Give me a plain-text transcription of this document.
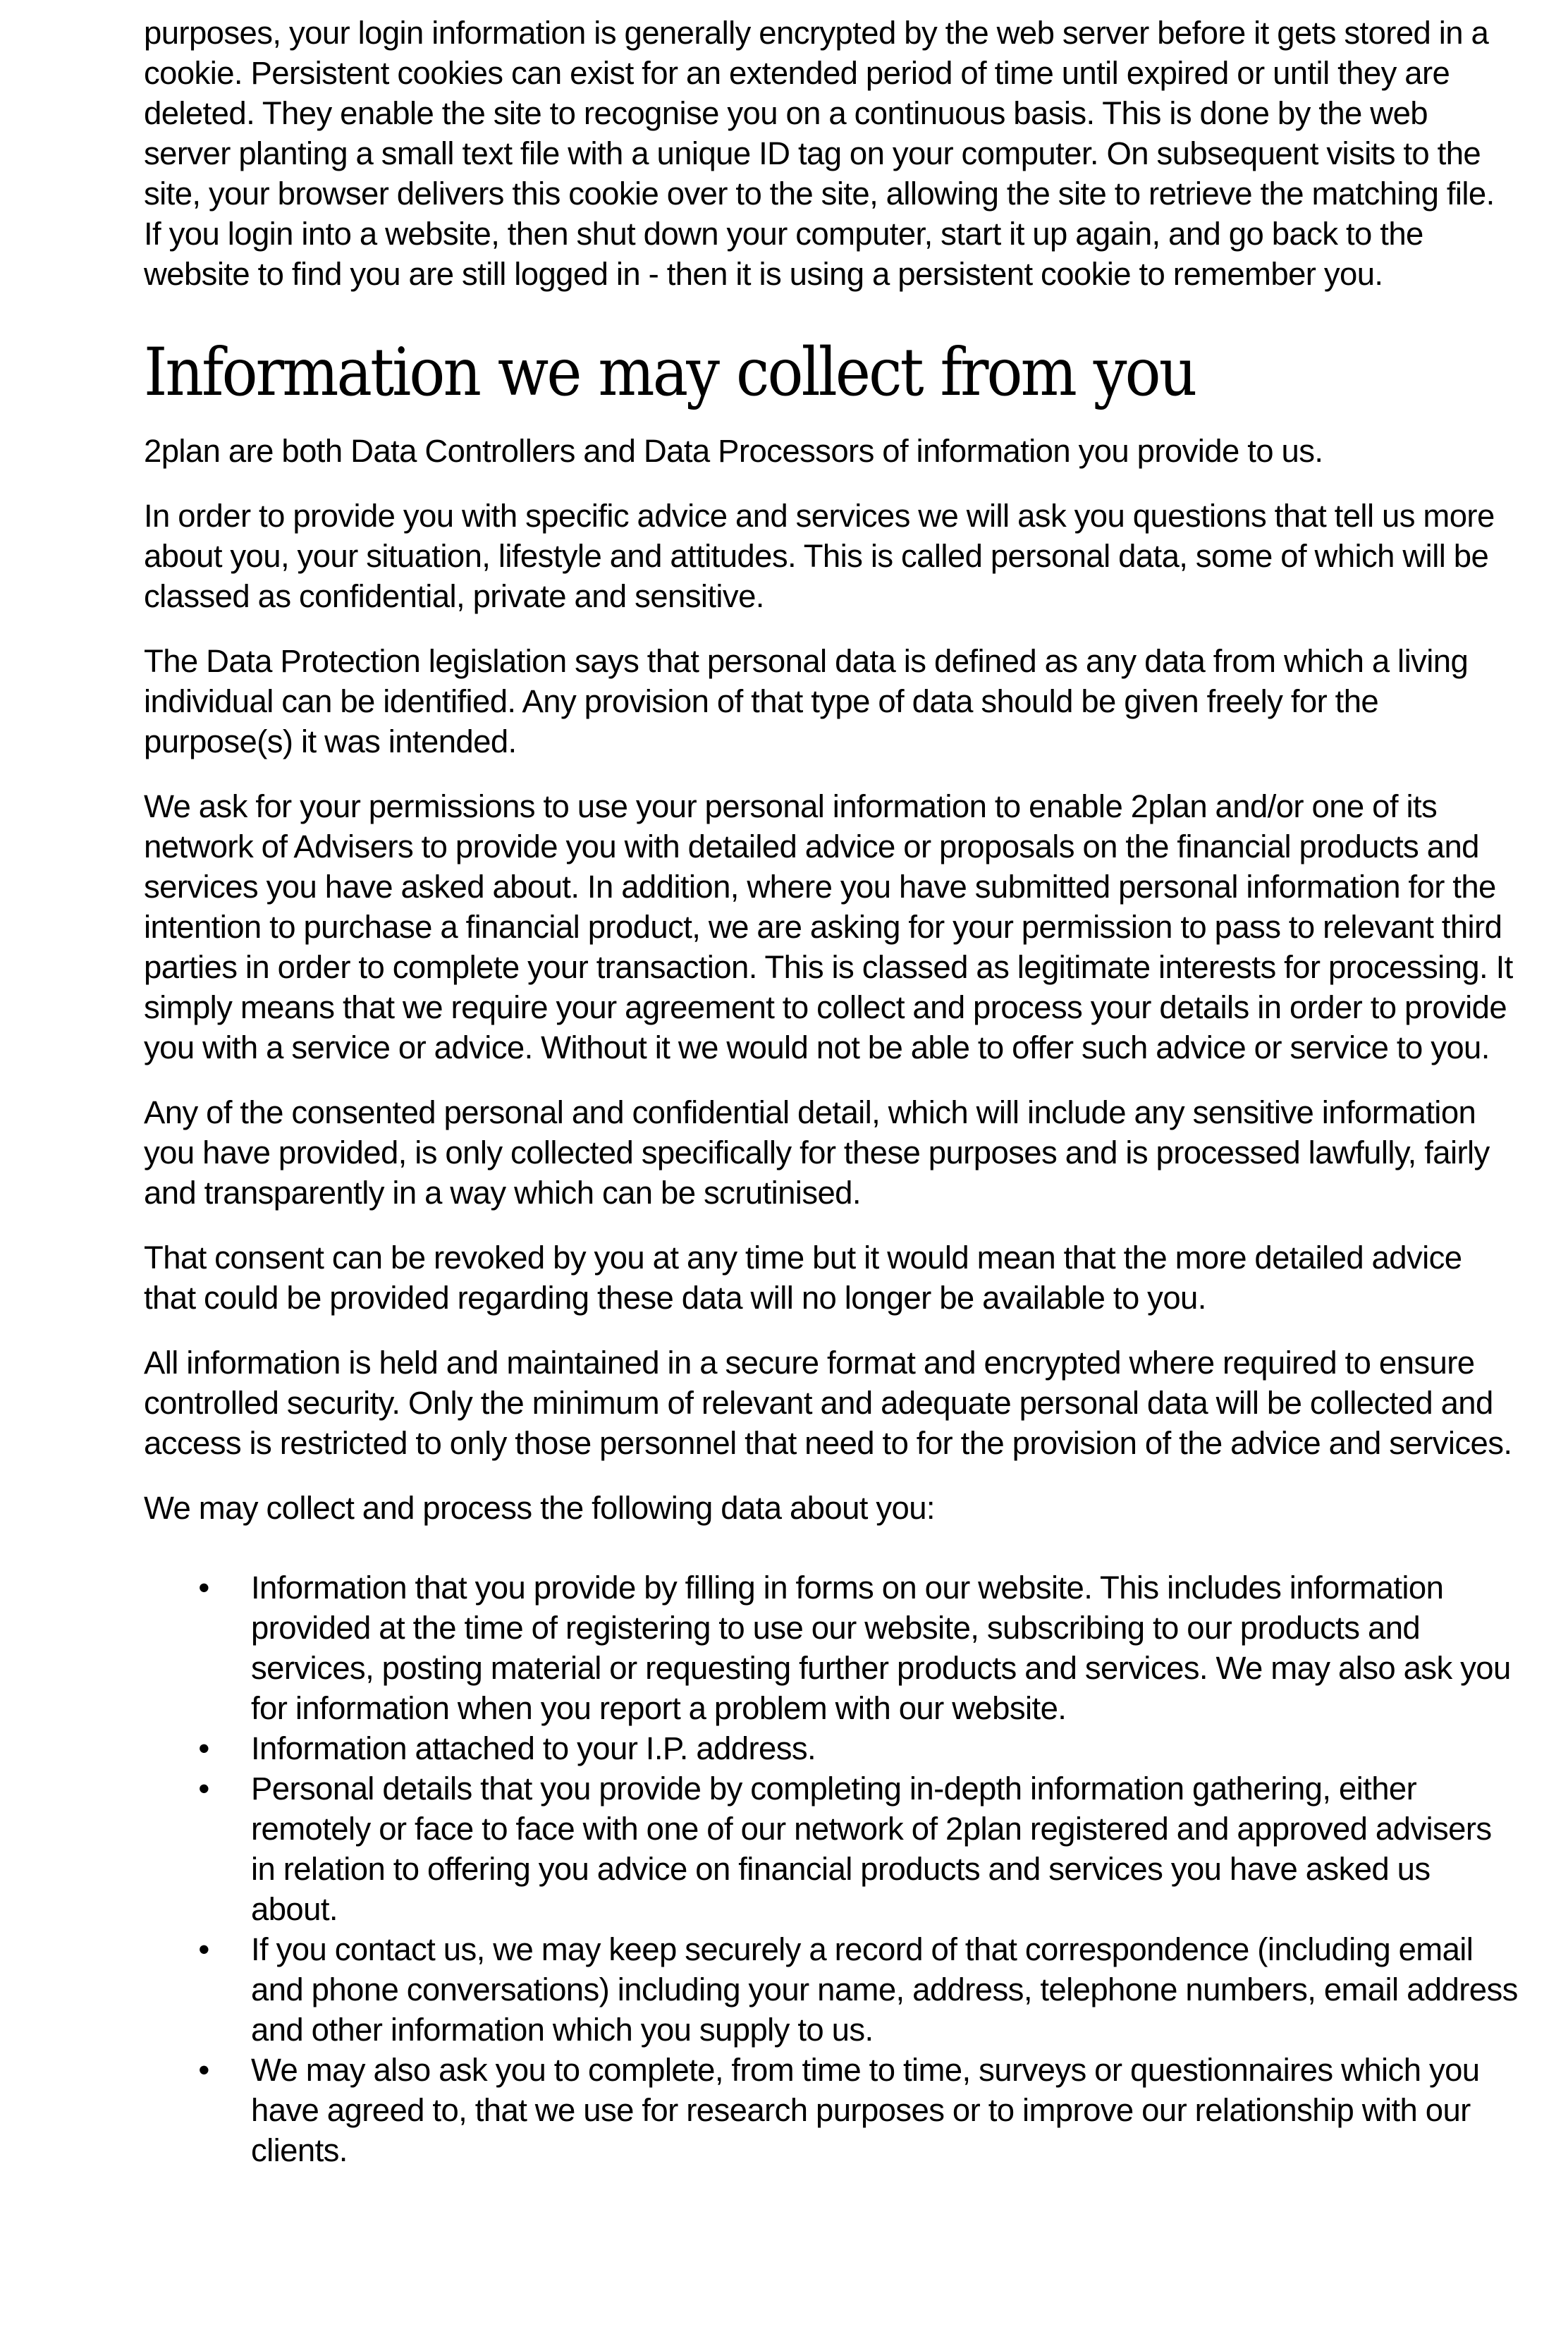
purposes, your login information is generally encrypted by the web server before it gets stored in a cookie. Persistent cookies can exist for an extended period of time until expired or until they are deleted. They enable the site to recognise you on a continuous basis. This is done by the web server planting a small text file with a unique ID tag on your computer. On subsequent visits to the site, your browser delivers this cookie over to the site, allowing the site to retrieve the matching file. If you login into a website, then shut down your computer, start it up again, and go back to the website to find you are still logged in - then it is using a persistent cookie to remember you.

Information we may collect from you

2plan are both Data Controllers and Data Processors of information you provide to us.

In order to provide you with specific advice and services we will ask you questions that tell us more about you, your situation, lifestyle and attitudes. This is called personal data, some of which will be classed as confidential, private and sensitive.

The Data Protection legislation says that personal data is defined as any data from which a living individual can be identified. Any provision of that type of data should be given freely for the purpose(s) it was intended.

We ask for your permissions to use your personal information to enable 2plan and/or one of its network of Advisers to provide you with detailed advice or proposals on the financial products and services you have asked about. In addition, where you have submitted personal information for the intention to purchase a financial product, we are asking for your permission to pass to relevant third parties in order to complete your transaction. This is classed as legitimate interests for processing. It simply means that we require your agreement to collect and process your details in order to provide you with a service or advice. Without it we would not be able to offer such advice or service to you.

Any of the consented personal and confidential detail, which will include any sensitive information you have provided, is only collected specifically for these purposes and is processed lawfully, fairly and transparently in a way which can be scrutinised.

That consent can be revoked by you at any time but it would mean that the more detailed advice that could be provided regarding these data will no longer be available to you.

All information is held and maintained in a secure format and encrypted where required to ensure controlled security. Only the minimum of relevant and adequate personal data will be collected and access is restricted to only those personnel that need to for the provision of the advice and services.

We may collect and process the following data about you:

• Information that you provide by filling in forms on our website. This includes information provided at the time of registering to use our website, subscribing to our products and services, posting material or requesting further products and services. We may also ask you for information when you report a problem with our website.
• Information attached to your I.P. address.
• Personal details that you provide by completing in-depth information gathering, either remotely or face to face with one of our network of 2plan registered and approved advisers in relation to offering you advice on financial products and services you have asked us about.
• If you contact us, we may keep securely a record of that correspondence (including email and phone conversations) including your name, address, telephone numbers, email address and other information which you supply to us.
• We may also ask you to complete, from time to time, surveys or questionnaires which you have agreed to, that we use for research purposes or to improve our relationship with our clients.
